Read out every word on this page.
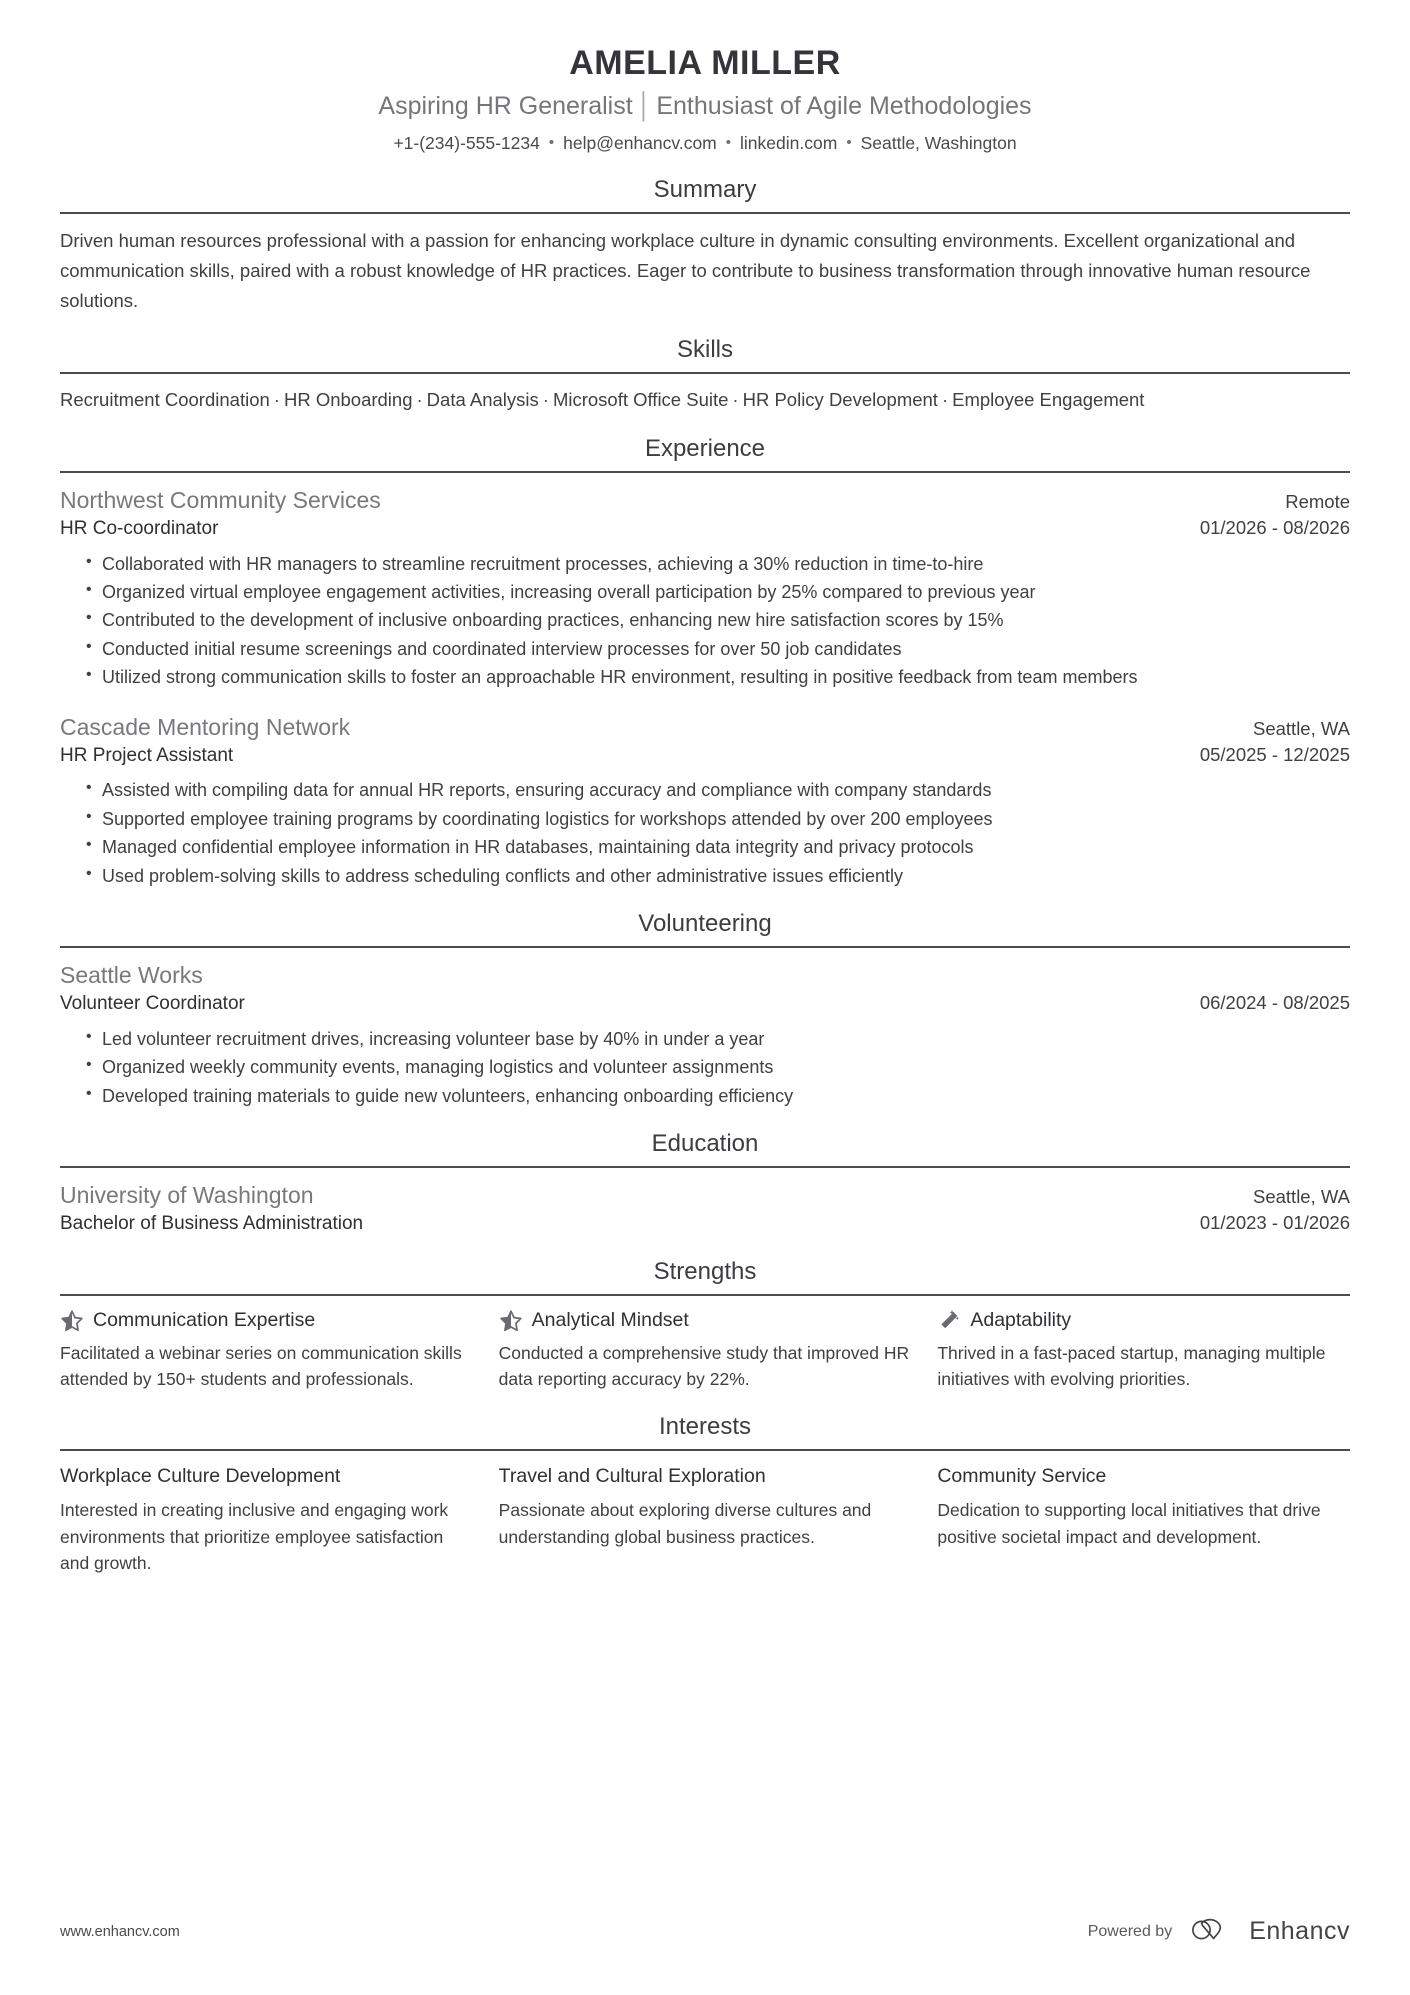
AMELIA MILLER
Aspiring HR Generalist │ Enthusiast of Agile Methodologies
+1-(234)-555-1234 • help@enhancv.com • linkedin.com • Seattle, Washington
Summary
Driven human resources professional with a passion for enhancing workplace culture in dynamic consulting environments. Excellent organizational and communication skills, paired with a robust knowledge of HR practices. Eager to contribute to business transformation through innovative human resource solutions.
Skills
Recruitment Coordination · HR Onboarding · Data Analysis · Microsoft Office Suite · HR Policy Development · Employee Engagement
Experience
Northwest Community Services	Remote
HR Co-coordinator	01/2026 - 08/2026
• Collaborated with HR managers to streamline recruitment processes, achieving a 30% reduction in time-to-hire
• Organized virtual employee engagement activities, increasing overall participation by 25% compared to previous year
• Contributed to the development of inclusive onboarding practices, enhancing new hire satisfaction scores by 15%
• Conducted initial resume screenings and coordinated interview processes for over 50 job candidates
• Utilized strong communication skills to foster an approachable HR environment, resulting in positive feedback from team members
Cascade Mentoring Network	Seattle, WA
HR Project Assistant	05/2025 - 12/2025
• Assisted with compiling data for annual HR reports, ensuring accuracy and compliance with company standards
• Supported employee training programs by coordinating logistics for workshops attended by over 200 employees
• Managed confidential employee information in HR databases, maintaining data integrity and privacy protocols
• Used problem-solving skills to address scheduling conflicts and other administrative issues efficiently
Volunteering
Seattle Works
Volunteer Coordinator	06/2024 - 08/2025
• Led volunteer recruitment drives, increasing volunteer base by 40% in under a year
• Organized weekly community events, managing logistics and volunteer assignments
• Developed training materials to guide new volunteers, enhancing onboarding efficiency
Education
University of Washington	Seattle, WA
Bachelor of Business Administration	01/2023 - 01/2026
Strengths
Communication Expertise
Facilitated a webinar series on communication skills attended by 150+ students and professionals.
Analytical Mindset
Conducted a comprehensive study that improved HR data reporting accuracy by 22%.
Adaptability
Thrived in a fast-paced startup, managing multiple initiatives with evolving priorities.
Interests
Workplace Culture Development
Interested in creating inclusive and engaging work environments that prioritize employee satisfaction and growth.
Travel and Cultural Exploration
Passionate about exploring diverse cultures and understanding global business practices.
Community Service
Dedication to supporting local initiatives that drive positive societal impact and development.
www.enhancv.com	Powered by	Enhancv
